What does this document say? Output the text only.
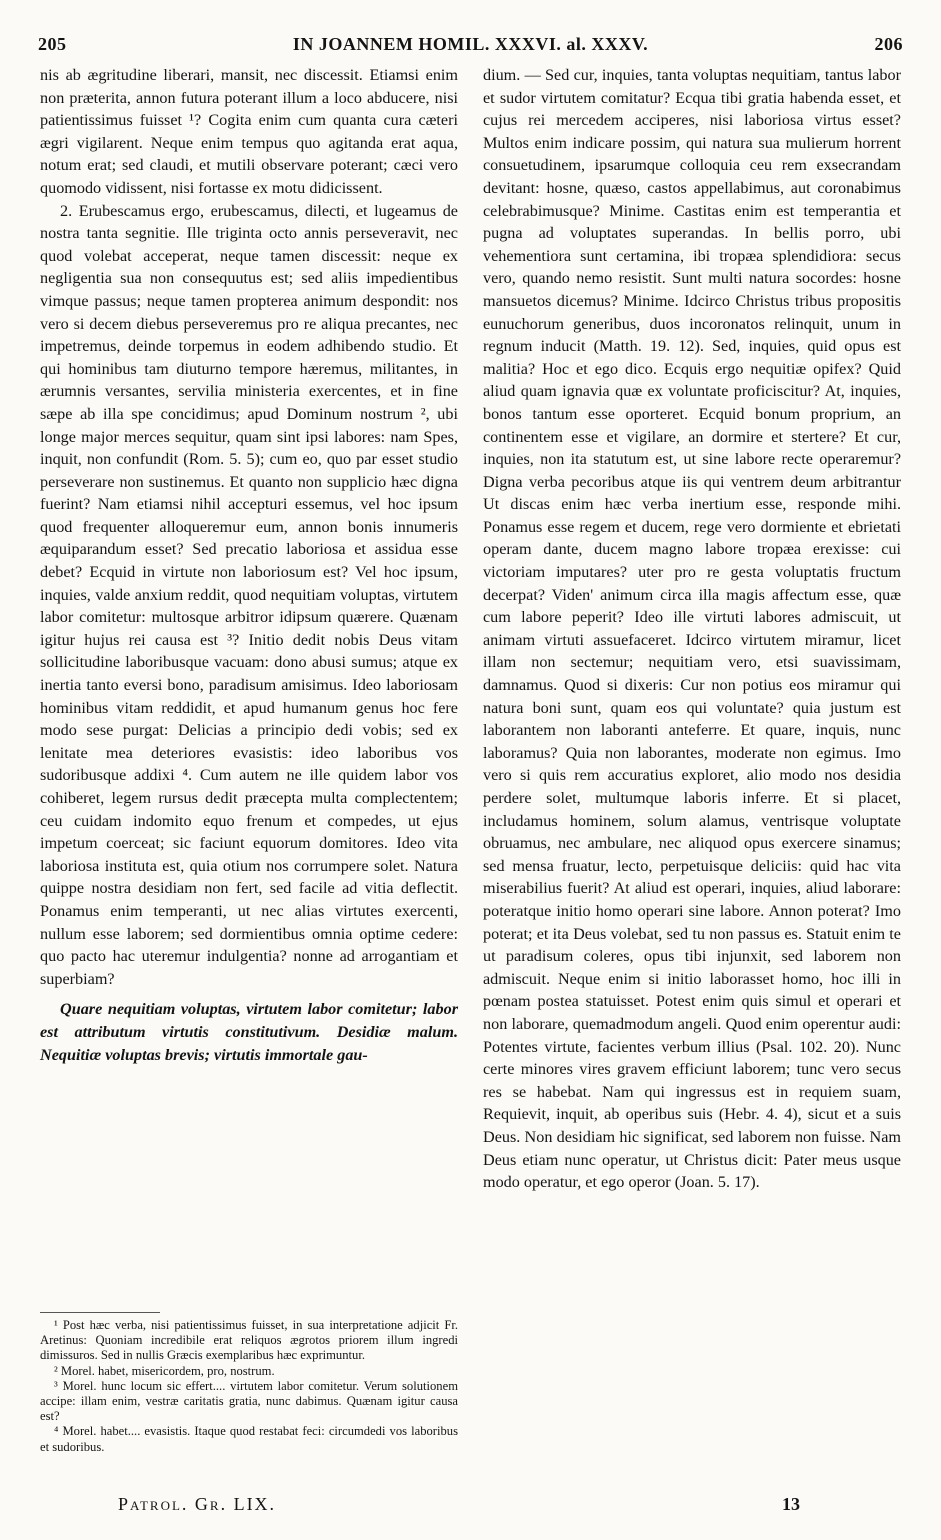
205	IN JOANNEM HOMIL. XXXVI. al. XXXV.	206

nis ab ægritudine liberari, mansit, nec discessit. Etiamsi enim non præterita, annon futura poterant illum a loco abducere, nisi patientissimus fuisset ¹? Cogita enim cum quanta cura cæteri ægri vigilarent. Neque enim tempus quo agitanda erat aqua, notum erat; sed claudi, et mutili observare poterant; cæci vero quomodo vidissent, nisi fortasse ex motu didicissent.

2. Erubescamus ergo, erubescamus, dilecti, et lugeamus de nostra tanta segnitie. Ille triginta octo annis perseveravit, nec quod volebat acceperat, neque tamen discessit: neque ex negligentia sua non consequutus est; sed aliis impedientibus vimque passus; neque tamen propterea animum despondit: nos vero si decem diebus perseveremus pro re aliqua precantes, nec impetremus, deinde torpemus in eodem adhibendo studio. Et qui hominibus tam diuturno tempore hæremus, militantes, in ærumnis versantes, servilia ministeria exercentes, et in fine sæpe ab illa spe concidimus; apud Dominum nostrum ², ubi longe major merces sequitur, quam sint ipsi labores: nam Spes, inquit, non confundit (Rom. 5. 5); cum eo, quo par esset studio perseverare non sustinemus. Et quanto non supplicio hæc digna fuerint? Nam etiamsi nihil accepturi essemus, vel hoc ipsum quod frequenter alloqueremur eum, annon bonis innumeris æquiparandum esset? Sed precatio laboriosa et assidua esse debet? Ecquid in virtute non laboriosum est? Vel hoc ipsum, inquies, valde anxium reddit, quod nequitiam voluptas, virtutem labor comitetur: multosque arbitror idipsum quærere. Quænam igitur hujus rei causa est ³? Initio dedit nobis Deus vitam sollicitudine laboribusque vacuam: dono abusi sumus; atque ex inertia tanto eversi bono, paradisum amisimus. Ideo laboriosam hominibus vitam reddidit, et apud humanum genus hoc fere modo sese purgat: Delicias a principio dedi vobis; sed ex lenitate mea deteriores evasistis: ideo laboribus vos sudoribusque addixi ⁴. Cum autem ne ille quidem labor vos cohiberet, legem rursus dedit præcepta multa complectentem; ceu cuidam indomito equo frenum et compedes, ut ejus impetum coerceat; sic faciunt equorum domitores. Ideo vita laboriosa instituta est, quia otium nos corrumpere solet. Natura quippe nostra desidiam non fert, sed facile ad vitia deflectit. Ponamus enim temperanti, ut nec alias virtutes exercenti, nullum esse laborem; sed dormientibus omnia optime cedere: quo pacto hac uteremur indulgentia? nonne ad arrogantiam et superbiam?

Quare nequitiam voluptas, virtutem labor comitetur; labor est attributum virtutis constitutivum. Desidiæ malum. Nequitiæ voluptas brevis; virtutis immortale gau-

¹ Post hæc verba, nisi patientissimus fuisset, in sua interpretatione adjicit Fr. Aretinus: Quoniam incredibile erat reliquos ægrotos priorem illum ingredi dimissuros. Sed in nullis Græcis exemplaribus hæc exprimuntur.

² Morel. habet, misericordem, pro, nostrum.

³ Morel. hunc locum sic effert.... virtutem labor comitetur. Verum solutionem accipe: illam enim, vestræ caritatis gratia, nunc dabimus. Quænam igitur causa est?

⁴ Morel. habet.... evasistis. Itaque quod restabat feci: circumdedi vos laboribus et sudoribus.

dium. — Sed cur, inquies, tanta voluptas nequitiam, tantus labor et sudor virtutem comitatur? Ecqua tibi gratia habenda esset, et cujus rei mercedem acciperes, nisi laboriosa virtus esset? Multos enim indicare possim, qui natura sua mulierum horrent consuetudinem, ipsarumque colloquia ceu rem exsecrandam devitant: hosne, quæso, castos appellabimus, aut coronabimus celebrabimusque? Minime. Castitas enim est temperantia et pugna ad voluptates superandas. In bellis porro, ubi vehementiora sunt certamina, ibi tropæa splendidiora: secus vero, quando nemo resistit. Sunt multi natura socordes: hosne mansuetos dicemus? Minime. Idcirco Christus tribus propositis eunuchorum generibus, duos incoronatos relinquit, unum in regnum inducit (Matth. 19. 12). Sed, inquies, quid opus est malitia? Hoc et ego dico. Ecquis ergo nequitiæ opifex? Quid aliud quam ignavia quæ ex voluntate proficiscitur? At, inquies, bonos tantum esse oporteret. Ecquid bonum proprium, an continentem esse et vigilare, an dormire et stertere? Et cur, inquies, non ita statutum est, ut sine labore recte operaremur? Digna verba pecoribus atque iis qui ventrem deum arbitrantur Ut discas enim hæc verba inertium esse, responde mihi. Ponamus esse regem et ducem, rege vero dormiente et ebrietati operam dante, ducem magno labore tropæa erexisse: cui victoriam imputares? uter pro re gesta voluptatis fructum decerpat? Viden' animum circa illa magis affectum esse, quæ cum labore peperit? Ideo ille virtuti labores admiscuit, ut animam virtuti assuefaceret. Idcirco virtutem miramur, licet illam non sectemur; nequitiam vero, etsi suavissimam, damnamus. Quod si dixeris: Cur non potius eos miramur qui natura boni sunt, quam eos qui voluntate? quia justum est laborantem non laboranti anteferre. Et quare, inquis, nunc laboramus? Quia non laborantes, moderate non egimus. Imo vero si quis rem accuratius exploret, alio modo nos desidia perdere solet, multumque laboris inferre. Et si placet, includamus hominem, solum alamus, ventrisque voluptate obruamus, nec ambulare, nec aliquod opus exercere sinamus; sed mensa fruatur, lecto, perpetuisque deliciis: quid hac vita miserabilius fuerit? At aliud est operari, inquies, aliud laborare: poteratque initio homo operari sine labore. Annon poterat? Imo poterat; et ita Deus volebat, sed tu non passus es. Statuit enim te ut paradisum coleres, opus tibi injunxit, sed laborem non admiscuit. Neque enim si initio laborasset homo, hoc illi in pœnam postea statuisset. Potest enim quis simul et operari et non laborare, quemadmodum angeli. Quod enim operentur audi: Potentes virtute, facientes verbum illius (Psal. 102. 20). Nunc certe minores vires gravem efficiunt laborem; tunc vero secus res se habebat. Nam qui ingressus est in requiem suam, Requievit, inquit, ab operibus suis (Hebr. 4. 4), sicut et a suis Deus. Non desidiam hic significat, sed laborem non fuisse. Nam Deus etiam nunc operatur, ut Christus dicit: Pater meus usque modo operatur, et ego operor (Joan. 5. 17).

Patrol. Gr. LIX.	13
